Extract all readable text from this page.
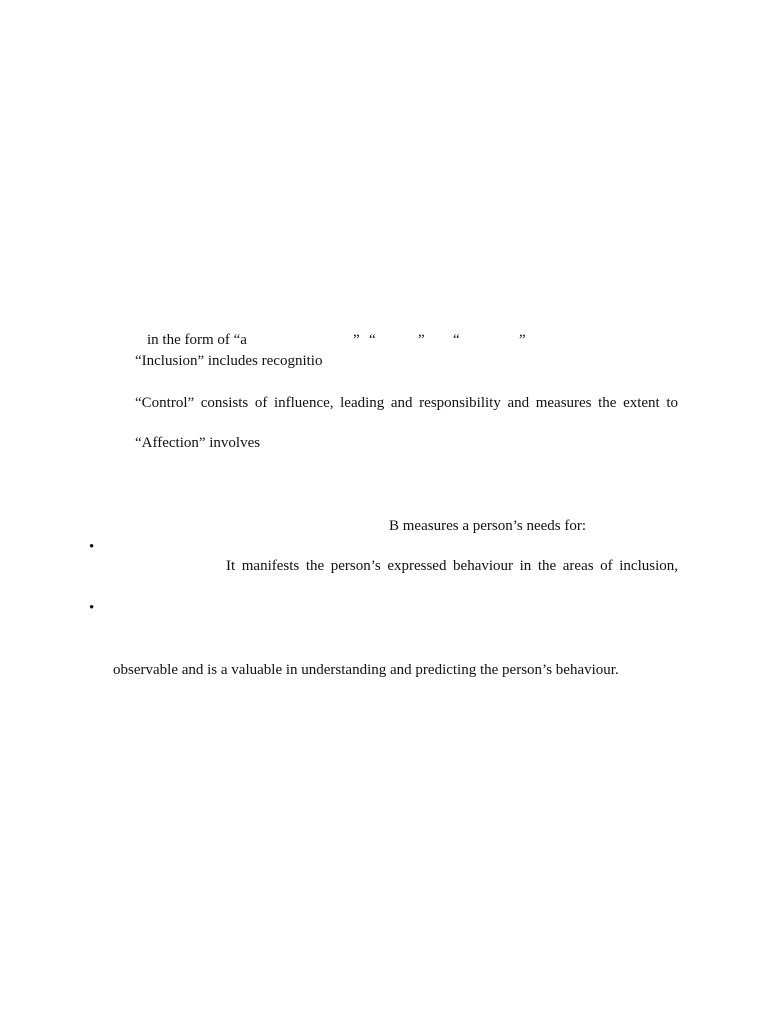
in the form of “a	” “	” “	”
“Inclusion” includes recognitio
“Control” consists of influence, leading and responsibility and measures the extent to
“Affection” involves
B measures a person’s needs for:
•
It manifests the person’s expressed behaviour in the areas of inclusion,
•
observable and is a valuable in understanding and predicting the person’s behaviour.
